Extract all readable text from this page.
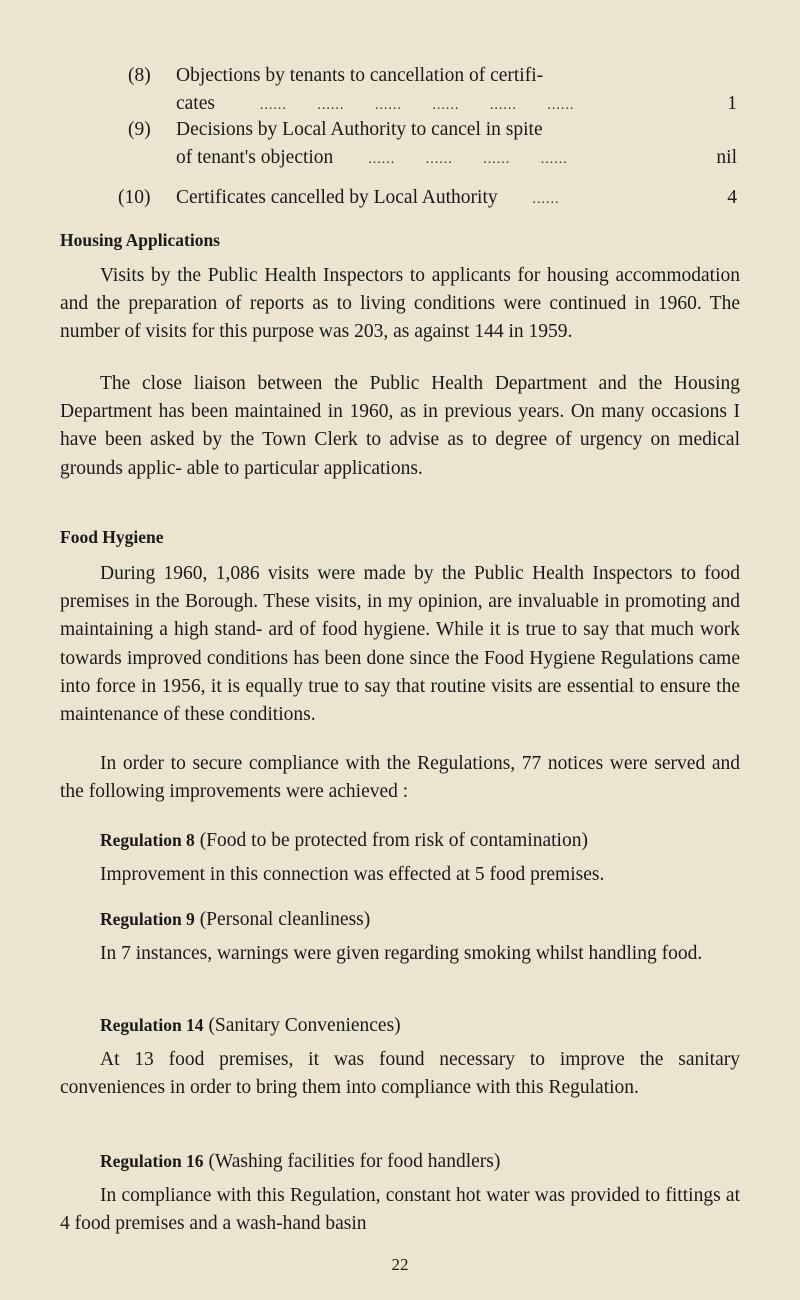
(8) Objections by tenants to cancellation of certifi-
cates	...... ...... ...... ...... ...... ......	1
(9) Decisions by Local Authority to cancel in spite
of tenant's objection ...... ...... ...... ......	nil
(10) Certificates cancelled by Local Authority ......	4
Housing Applications

Visits by the Public Health Inspectors to applicants for housing accommodation and the preparation of reports as to living conditions were continued in 1960. The number of visits for this purpose was 203, as against 144 in 1959.

The close liaison between the Public Health Department and the Housing Department has been maintained in 1960, as in previous years. On many occasions I have been asked by the Town Clerk to advise as to degree of urgency on medical grounds applic- able to particular applications.

Food Hygiene

During 1960, 1,086 visits were made by the Public Health Inspectors to food premises in the Borough. These visits, in my opinion, are invaluable in promoting and maintaining a high stand- ard of food hygiene. While it is true to say that much work towards improved conditions has been done since the Food Hygiene Regulations came into force in 1956, it is equally true to say that routine visits are essential to ensure the maintenance of these conditions.

In order to secure compliance with the Regulations, 77 notices were served and the following improvements were achieved :

Regulation 8 (Food to be protected from risk of contamination)

Improvement in this connection was effected at 5 food premises.

Regulation 9 (Personal cleanliness)

In 7 instances, warnings were given regarding smoking whilst handling food.

Regulation 14 (Sanitary Conveniences)

At 13 food premises, it was found necessary to improve the sanitary conveniences in order to bring them into compliance with this Regulation.

Regulation 16 (Washing facilities for food handlers)

In compliance with this Regulation, constant hot water was provided to fittings at 4 food premises and a wash-hand basin

22
